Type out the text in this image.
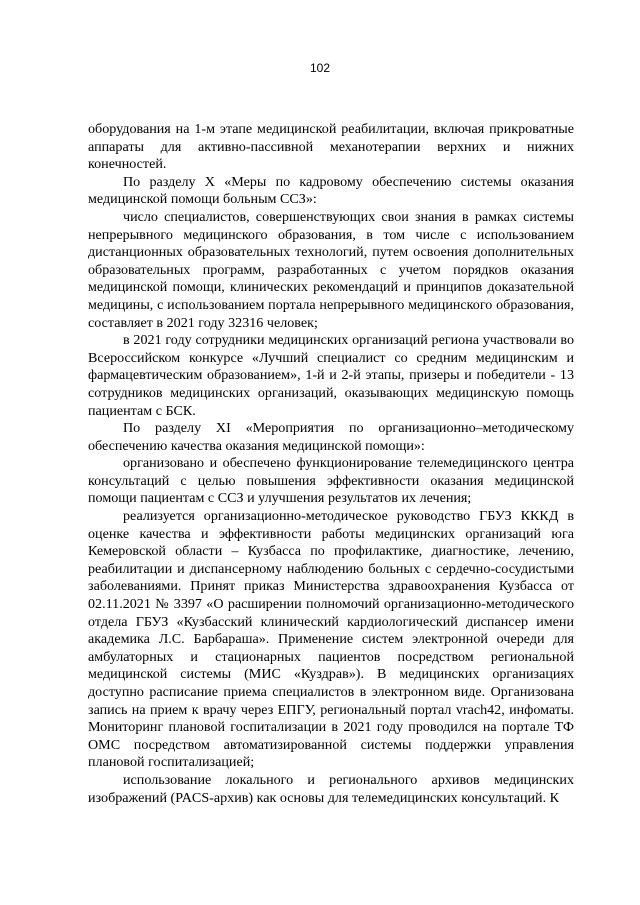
102

оборудования на 1-м этапе медицинской реабилитации, включая прикроватные аппараты для активно-пассивной механотерапии верхних и нижних конечностей.

По разделу X «Меры по кадровому обеспечению системы оказания медицинской помощи больным ССЗ»:

число специалистов, совершенствующих свои знания в рамках системы непрерывного медицинского образования, в том числе с использованием дистанционных образовательных технологий, путем освоения дополнительных образовательных программ, разработанных с учетом порядков оказания медицинской помощи, клинических рекомендаций и принципов доказательной медицины, с использованием портала непрерывного медицинского образования, составляет в 2021 году 32316 человек;

в 2021 году сотрудники медицинских организаций региона участвовали во Всероссийском конкурсе «Лучший специалист со средним медицинским и фармацевтическим образованием», 1-й и 2-й этапы, призеры и победители - 13 сотрудников медицинских организаций, оказывающих медицинскую помощь пациентам с БСК.

По разделу XI «Мероприятия по организационно–методическому обеспечению качества оказания медицинской помощи»:

организовано и обеспечено функционирование телемедицинского центра консультаций с целью повышения эффективности оказания медицинской помощи пациентам с ССЗ и улучшения результатов их лечения;

реализуется организационно-методическое руководство ГБУЗ КККД в оценке качества и эффективности работы медицинских организаций юга Кемеровской области – Кузбасса по профилактике, диагностике, лечению, реабилитации и диспансерному наблюдению больных с сердечно-сосудистыми заболеваниями. Принят приказ Министерства здравоохранения Кузбасса от 02.11.2021 № 3397 «О расширении полномочий организационно-методического отдела ГБУЗ «Кузбасский клинический кардиологический диспансер имени академика Л.С. Барбараша». Применение систем электронной очереди для амбулаторных и стационарных пациентов посредством региональной медицинской системы (МИС «Куздрав»). В медицинских организациях доступно расписание приема специалистов в электронном виде. Организована запись на прием к врачу через ЕПГУ, региональный портал vrach42, инфоматы. Мониторинг плановой госпитализации в 2021 году проводился на портале ТФ ОМС посредством автоматизированной системы поддержки управления плановой госпитализацией;

использование локального и регионального архивов медицинских изображений (PACS-архив) как основы для телемедицинских консультаций. К
